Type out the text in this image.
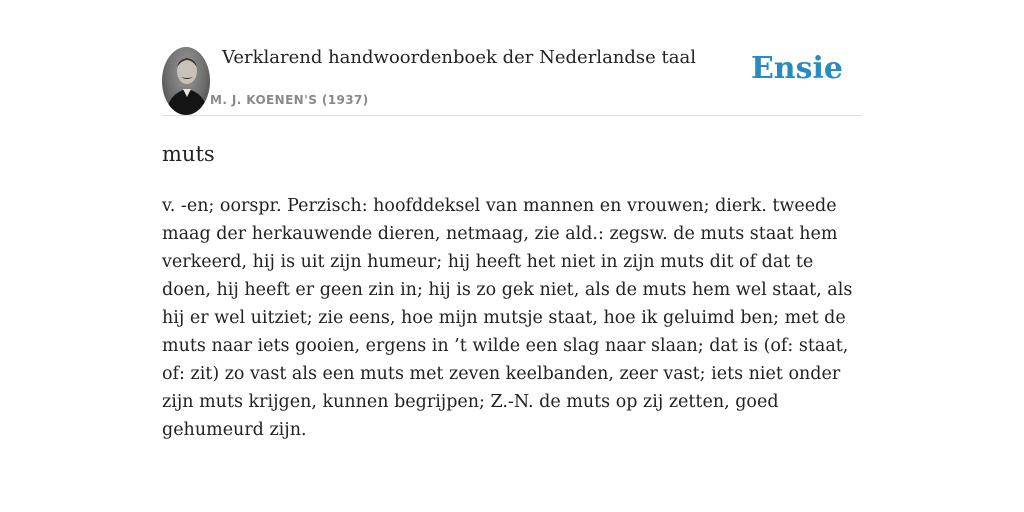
Verklarend handwoordenboek der Nederlandse taal
M. J. KOENEN'S (1937)
Ensie
muts

v. -en; oorspr. Perzisch: hoofddeksel van mannen en vrouwen; dierk. tweede maag der herkauwende dieren, netmaag, zie ald.: zegsw. de muts staat hem verkeerd, hij is uit zijn humeur; hij heeft het niet in zijn muts dit of dat te doen, hij heeft er geen zin in; hij is zo gek niet, als de muts hem wel staat, als hij er wel uitziet; zie eens, hoe mijn mutsje staat, hoe ik geluimd ben; met de muts naar iets gooien, ergens in ’t wilde een slag naar slaan; dat is (of: staat, of: zit) zo vast als een muts met zeven keelbanden, zeer vast; iets niet onder zijn muts krijgen, kunnen begrijpen; Z.-N. de muts op zij zetten, goed gehumeurd zijn.
